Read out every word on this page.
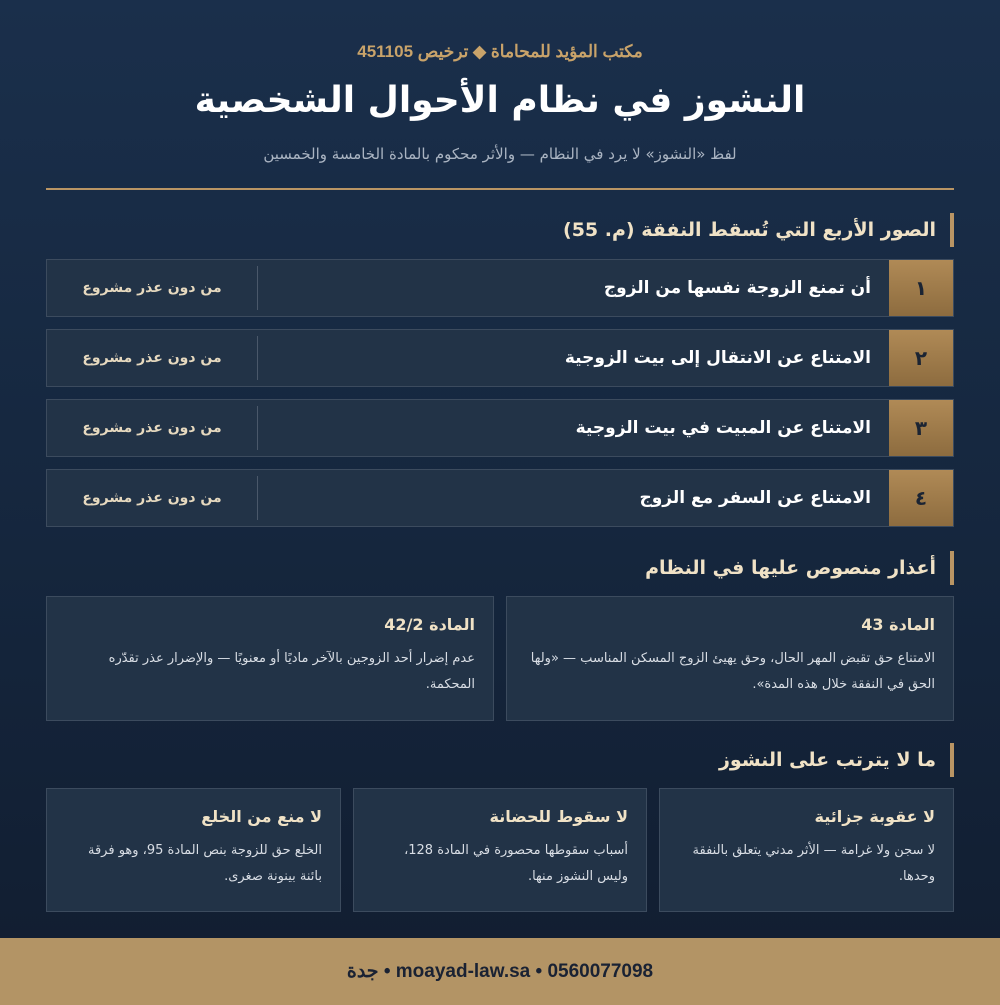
مكتب المؤيد للمحاماة ◆ ترخيص 451105
النشوز في نظام الأحوال الشخصية
لفظ «النشوز» لا يرد في النظام — والأثر محكوم بالمادة الخامسة والخمسين
الصور الأربع التي تُسقط النفقة (م. 55)
١
أن تمنع الزوجة نفسها من الزوج
من دون عذر مشروع
٢
الامتناع عن الانتقال إلى بيت الزوجية
من دون عذر مشروع
٣
الامتناع عن المبيت في بيت الزوجية
من دون عذر مشروع
٤
الامتناع عن السفر مع الزوج
من دون عذر مشروع
أعذار منصوص عليها في النظام
المادة 43
الامتناع حق تقبض المهر الحال، وحق يهيئ الزوج المسكن المناسب — «ولها الحق في النفقة خلال هذه المدة».
المادة 42/2
عدم إضرار أحد الزوجين بالآخر ماديًا أو معنويًا — والإضرار عذر تقدّره المحكمة.
ما لا يترتب على النشوز
لا عقوبة جزائية
لا سجن ولا غرامة — الأثر مدني يتعلق بالنفقة وحدها.
لا سقوط للحضانة
أسباب سقوطها محصورة في المادة 128، وليس النشوز منها.
لا منع من الخلع
الخلع حق للزوجة بنص المادة 95، وهو فرقة بائنة بينونة صغرى.
0560077098 • moayad-law.sa • جدة
